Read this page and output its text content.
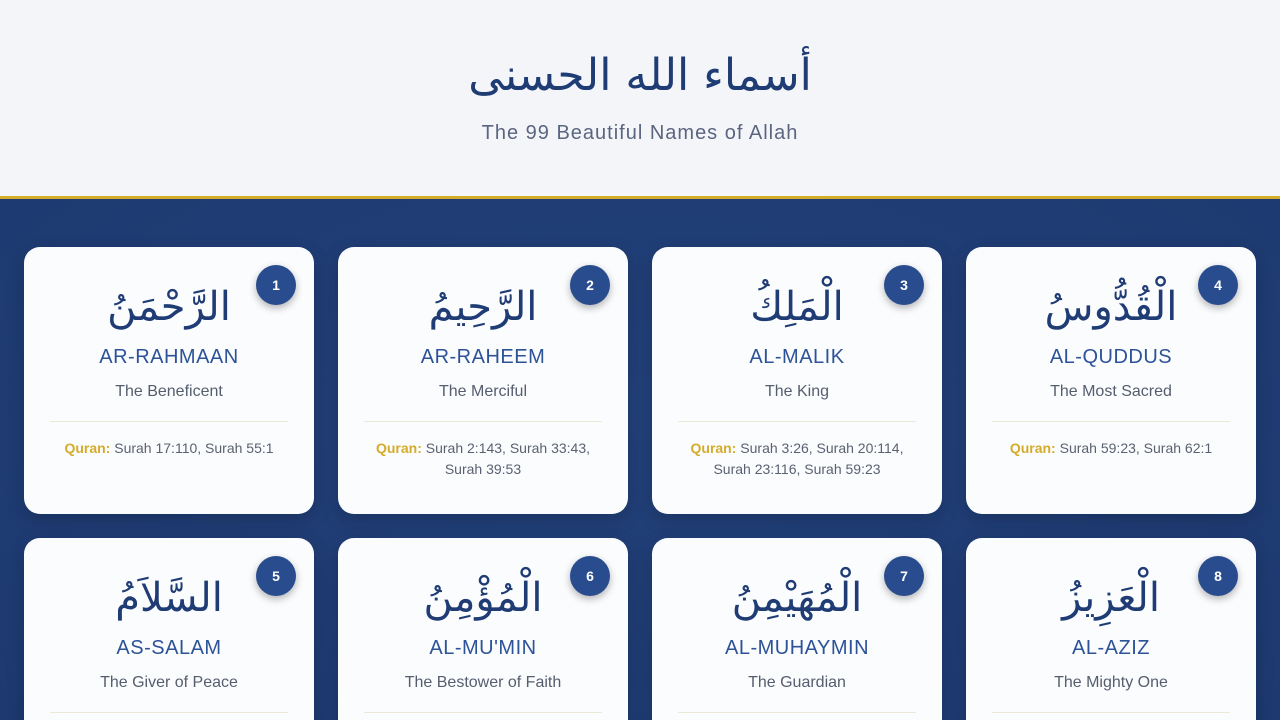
أسماء الله الحسنى
The 99 Beautiful Names of Allah
1
الرَّحْمَنُ
AR-RAHMAAN
The Beneficent
Quran: Surah 17:110, Surah 55:1
2
الرَّحِيمُ
AR-RAHEEM
The Merciful
Quran: Surah 2:143, Surah 33:43, Surah 39:53
3
الْمَلِكُ
AL-MALIK
The King
Quran: Surah 3:26, Surah 20:114, Surah 23:116, Surah 59:23
4
الْقُدُّوسُ
AL-QUDDUS
The Most Sacred
Quran: Surah 59:23, Surah 62:1
5
السَّلاَمُ
AS-SALAM
The Giver of Peace
6
الْمُؤْمِنُ
AL-MU'MIN
The Bestower of Faith
7
الْمُهَيْمِنُ
AL-MUHAYMIN
The Guardian
8
الْعَزِيزُ
AL-AZIZ
The Mighty One
